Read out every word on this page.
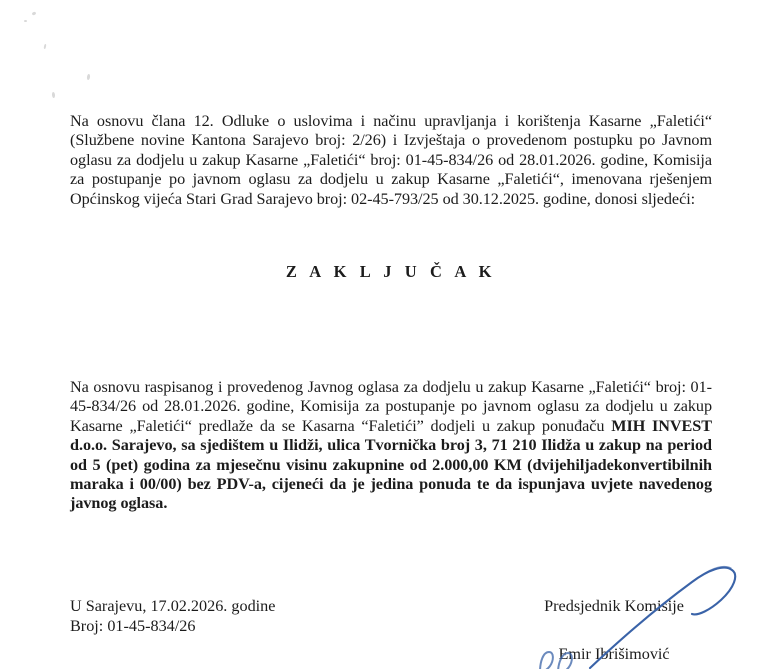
Na osnovu člana 12. Odluke o uslovima i načinu upravljanja i korištenja Kasarne „Faletići“ (Službene novine Kantona Sarajevo broj: 2/26) i Izvještaja o provedenom postupku po Javnom oglasu za dodjelu u zakup Kasarne „Faletići“ broj: 01-45-834/26 od 28.01.2026. godine, Komisija za postupanje po javnom oglasu za dodjelu u zakup Kasarne „Faletići“, imenovana rješenjem Općinskog vijeća Stari Grad Sarajevo broj: 02-45-793/25 od 30.12.2025. godine, donosi sljedeći:

Z A K L J U Č A K

Na osnovu raspisanog i provedenog Javnog oglasa za dodjelu u zakup Kasarne „Faletići“ broj: 01-45-834/26 od 28.01.2026. godine, Komisija za postupanje po javnom oglasu za dodjelu u zakup Kasarne „Faletići“ predlaže da se Kasarna “Faletići” dodjeli u zakup ponuđaču MIH INVEST d.o.o. Sarajevo, sa sjedištem u Ilidži, ulica Tvornička broj 3, 71 210 Ilidža u zakup na period od 5 (pet) godina za mjesečnu visinu zakupnine od 2.000,00 KM (dvijehiljadekonvertibilnih maraka i 00/00) bez PDV-a, cijeneći da je jedina ponuda te da ispunjava uvjete navedenog javnog oglasa.

U Sarajevu, 17.02.2026. godine
Broj: 01-45-834/26
Predsjednik Komisije
Emir Ibrišimović
